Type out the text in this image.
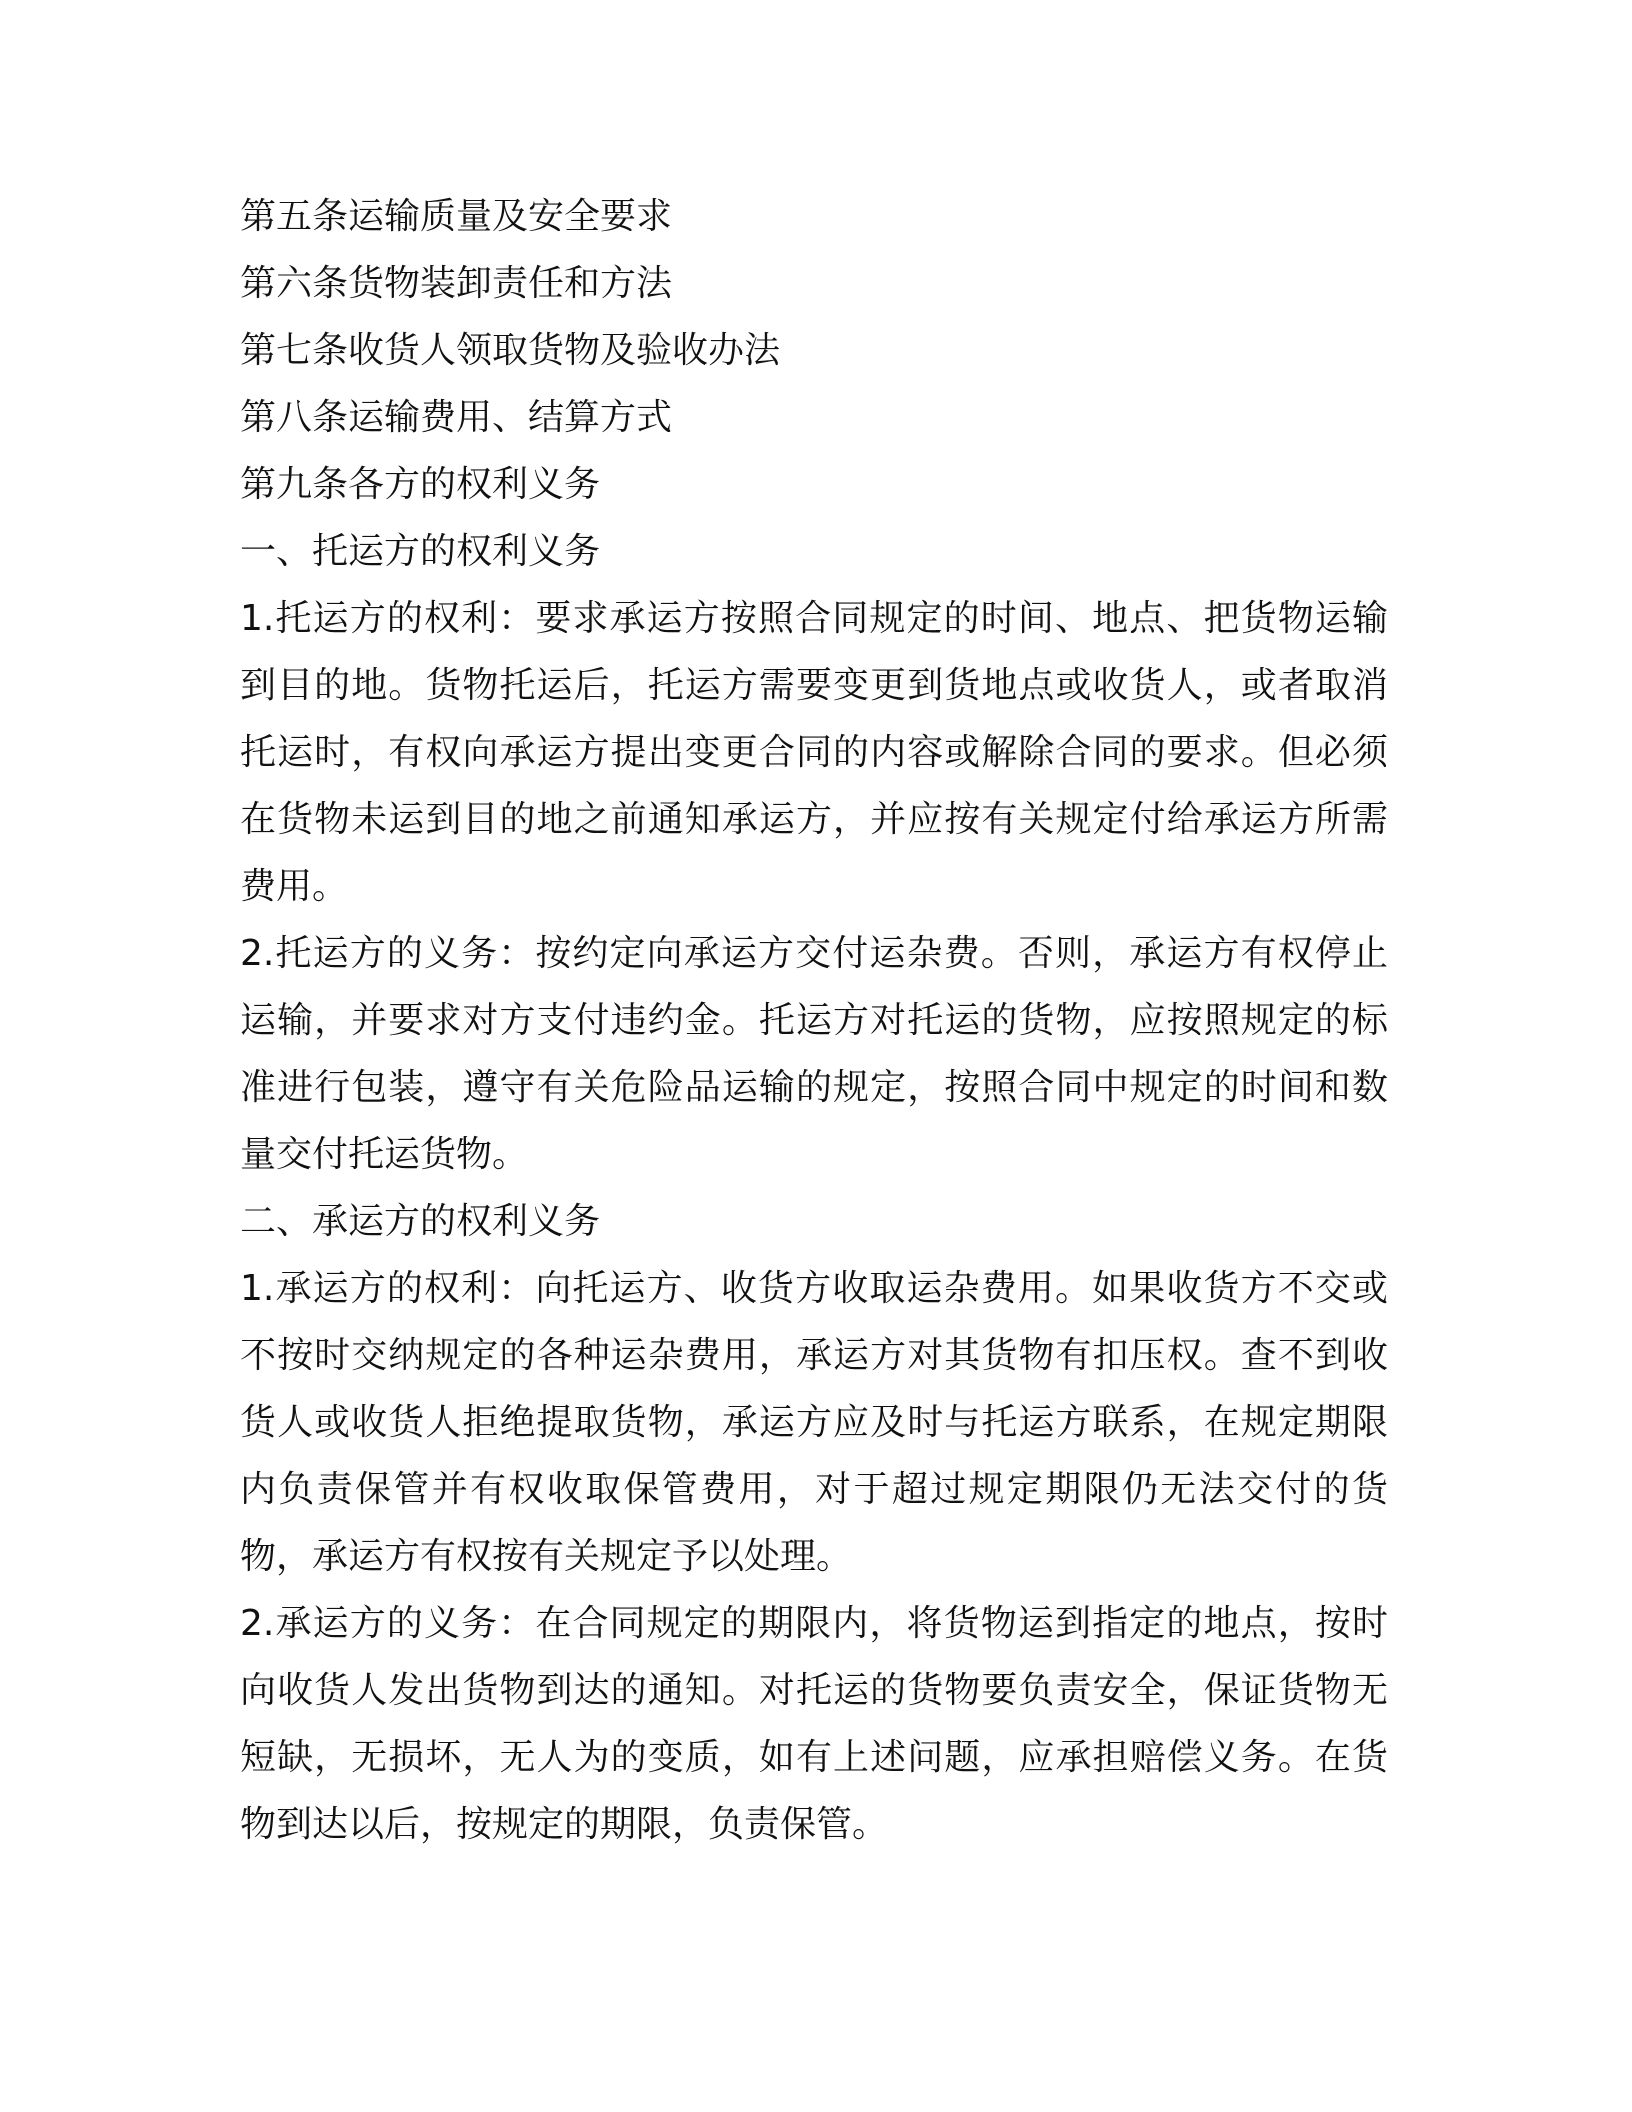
第五条运输质量及安全要求
第六条货物装卸责任和方法
第七条收货人领取货物及验收办法
第八条运输费用、结算方式
第九条各方的权利义务
一、托运方的权利义务

1.托运方的权利：要求承运方按照合同规定的时间、地点、把货物运输到目的地。货物托运后，托运方需要变更到货地点或收货人，或者取消托运时，有权向承运方提出变更合同的内容或解除合同的要求。但必须在货物未运到目的地之前通知承运方，并应按有关规定付给承运方所需费用。

2.托运方的义务：按约定向承运方交付运杂费。否则，承运方有权停止运输，并要求对方支付违约金。托运方对托运的货物，应按照规定的标准进行包装，遵守有关危险品运输的规定，按照合同中规定的时间和数量交付托运货物。

二、承运方的权利义务

1.承运方的权利：向托运方、收货方收取运杂费用。如果收货方不交或不按时交纳规定的各种运杂费用，承运方对其货物有扣压权。查不到收货人或收货人拒绝提取货物，承运方应及时与托运方联系，在规定期限内负责保管并有权收取保管费用，对于超过规定期限仍无法交付的货物，承运方有权按有关规定予以处理。

2.承运方的义务：在合同规定的期限内，将货物运到指定的地点，按时向收货人发出货物到达的通知。对托运的货物要负责安全，保证货物无短缺，无损坏，无人为的变质，如有上述问题，应承担赔偿义务。在货物到达以后，按规定的期限，负责保管。
